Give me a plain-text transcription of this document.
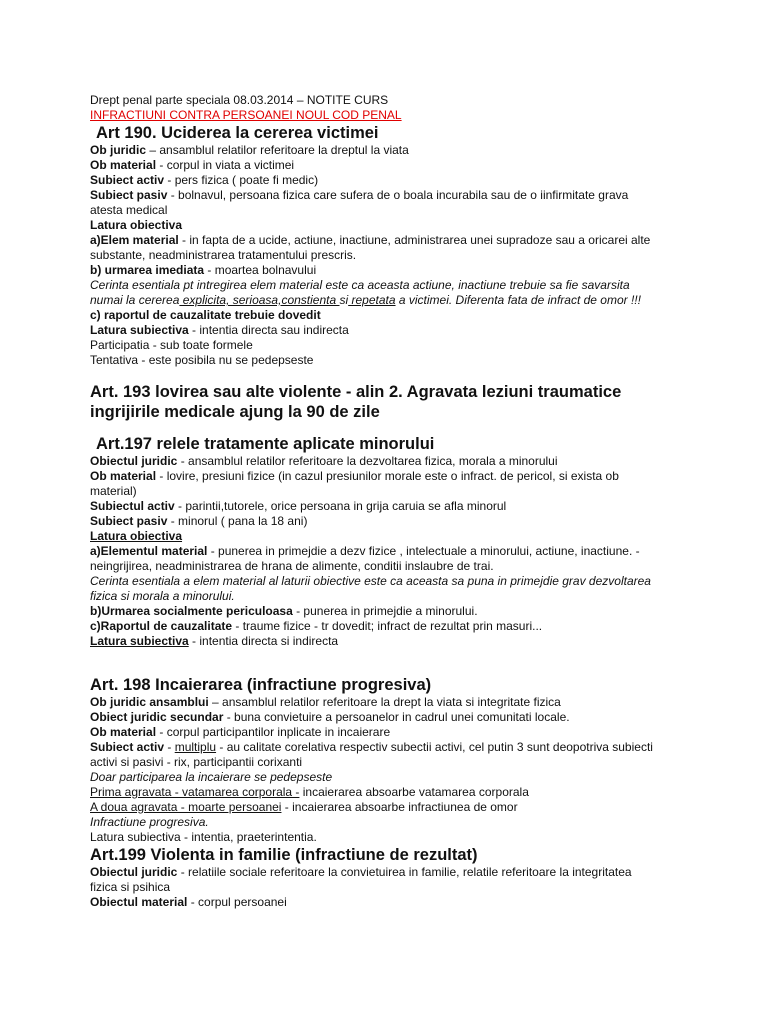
Drept penal parte speciala 08.03.2014 – NOTITE CURS
INFRACTIUNI CONTRA PERSOANEI NOUL COD PENAL
Art 190. Uciderea la cererea victimei
Ob juridic – ansamblul relatilor referitoare la dreptul la viata
Ob material - corpul in viata a victimei
Subiect activ - pers fizica ( poate fi medic)
Subiect pasiv - bolnavul, persoana fizica care sufera de o boala incurabila sau de o iinfirmitate grava atesta medical
Latura obiectiva
a)Elem material - in fapta de a ucide, actiune, inactiune, administrarea unei supradoze sau a oricarei alte substante, neadministrarea tratamentului prescris.
b) urmarea imediata - moartea bolnavului
Cerinta esentiala pt intregirea elem material este ca aceasta actiune, inactiune trebuie sa fie savarsita numai la cererea explicita, serioasa,constienta si repetata a victimei. Diferenta fata de infract de omor !!!
c) raportul de cauzalitate trebuie dovedit
Latura subiectiva - intentia directa sau indirecta
Participatia - sub toate formele
Tentativa - este posibila nu se pedepseste
Art. 193 lovirea sau alte violente - alin 2. Agravata leziuni traumatice ingrijirile medicale ajung la 90 de zile
Art.197 relele tratamente aplicate minorului
Obiectul juridic - ansamblul relatilor referitoare la dezvoltarea fizica, morala a minorului
Ob material - lovire, presiuni fizice (in cazul presiunilor morale este o infract. de pericol, si exista ob material)
Subiectul activ - parintii,tutorele, orice persoana in grija caruia se afla minorul
Subiect pasiv - minorul ( pana la 18 ani)
Latura obiectiva
a)Elementul material - punerea in primejdie a dezv fizice , intelectuale a minorului, actiune, inactiune. - neingrijirea, neadministrarea de hrana de alimente, conditii inslaubre de trai.
Cerinta esentiala a elem material al laturii obiective este ca aceasta sa puna in primejdie grav dezvoltarea fizica si morala a minorului.
b)Urmarea socialmente periculoasa - punerea in primejdie a minorului.
c)Raportul de cauzalitate - traume fizice - tr dovedit; infract de rezultat prin masuri...
Latura subiectiva - intentia directa si indirecta
Art. 198 Incaierarea (infractiune progresiva)
Ob juridic ansamblui – ansamblul relatilor referitoare la drept la viata si integritate fizica
Obiect juridic secundar - buna convietuire a persoanelor in cadrul unei comunitati locale.
Ob material - corpul participantilor inplicate in incaierare
Subiect activ - multiplu - au calitate corelativa respectiv subectii activi, cel putin 3 sunt deopotriva subiecti activi si pasivi - rix, participantii corixanti
Doar participarea la incaierare se pedepseste
Prima agravata - vatamarea corporala - incaierarea absoarbe vatamarea corporala
A doua agravata - moarte persoanei - incaierarea absoarbe infractiunea de omor
Infractiune progresiva.
Latura subiectiva - intentia, praeterintentia.
Art.199 Violenta in familie (infractiune de rezultat)
Obiectul juridic - relatiile sociale referitoare la convietuirea in familie, relatile referitoare la integritatea fizica si psihica
Obiectul material - corpul persoanei
